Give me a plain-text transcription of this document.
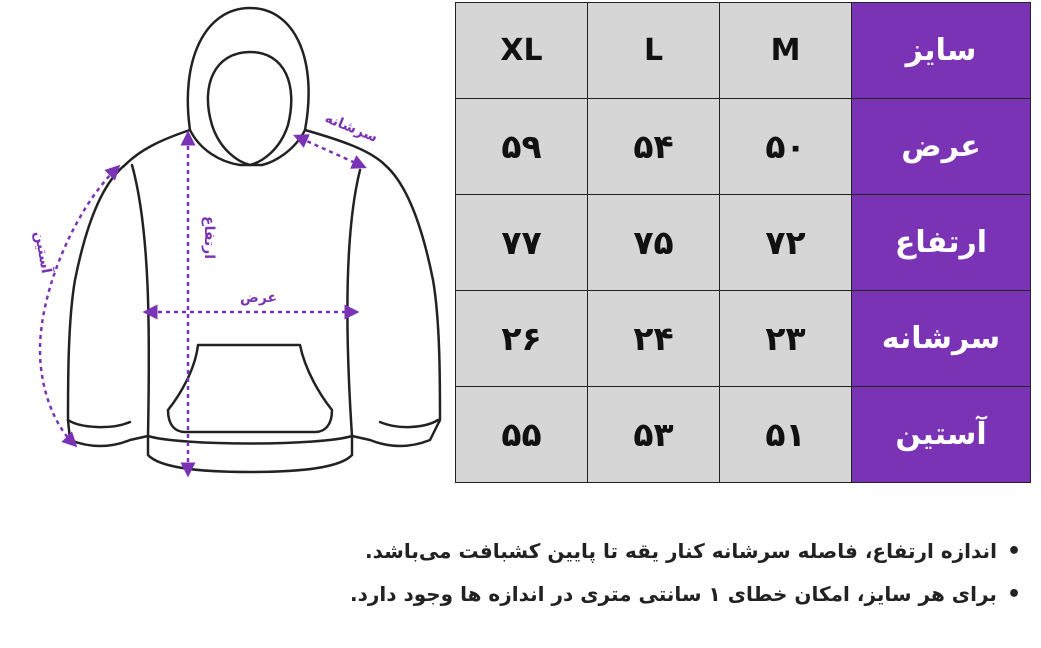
سرشانه
ارتفاع
عرض
آستین
XL	L	M	سایز
۵۹	۵۴	۵۰	عرض
۷۷	۷۵	۷۲	ارتفاع
۲۶	۲۴	۲۳	سرشانه
۵۵	۵۳	۵۱	آستین
• اندازه ارتفاع، فاصله سرشانه کنار یقه تا پایین کشبافت می‌باشد.
• برای هر سایز، امکان خطای ۱ سانتی متری در اندازه ها وجود دارد.
